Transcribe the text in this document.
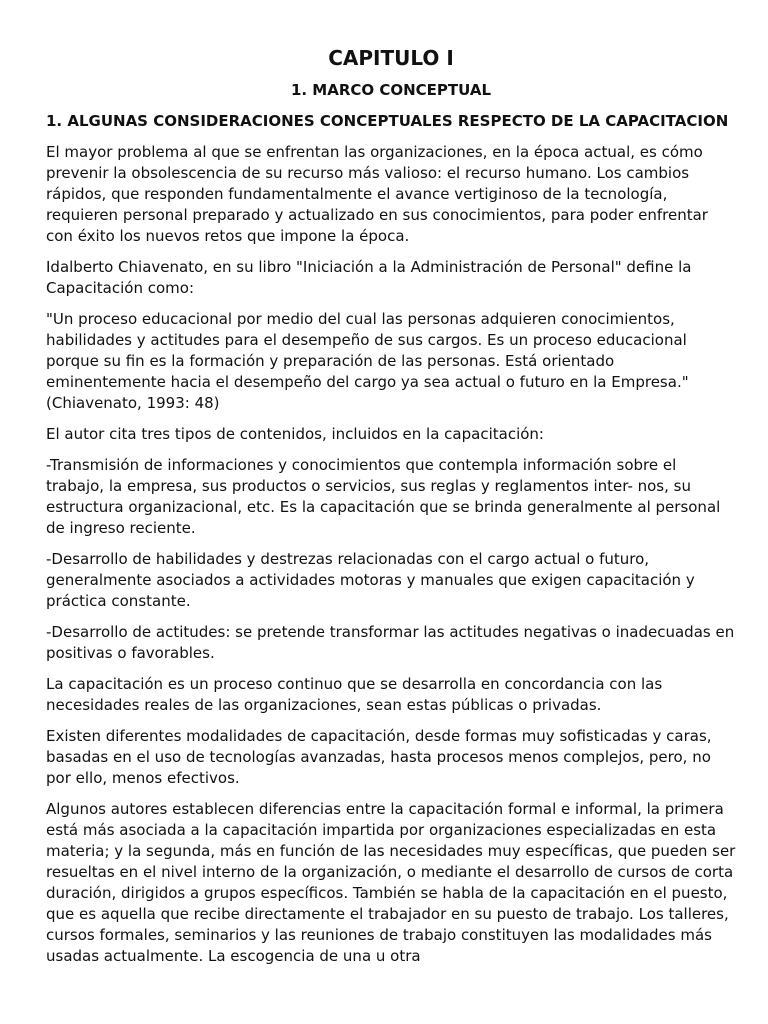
CAPITULO I
1. MARCO CONCEPTUAL
1. ALGUNAS CONSIDERACIONES CONCEPTUALES RESPECTO DE LA CAPACITACION

El mayor problema al que se enfrentan las organizaciones, en la época actual, es cómo prevenir la obsolescencia de su recurso más valioso: el recurso humano. Los cambios rápidos, que responden fundamentalmente el avance vertiginoso de la tecnología, requieren personal preparado y actualizado en sus conocimientos, para poder enfrentar con éxito los nuevos retos que impone la época.

Idalberto Chiavenato, en su libro "Iniciación a la Administración de Personal" define la Capacitación como:

"Un proceso educacional por medio del cual las personas adquieren conocimientos, habilidades y actitudes para el desempeño de sus cargos. Es un proceso educacional porque su fin es la formación y preparación de las personas. Está orientado eminentemente hacia el desempeño del cargo ya sea actual o futuro en la Empresa." (Chiavenato, 1993: 48)

El autor cita tres tipos de contenidos, incluidos en la capacitación:

-Transmisión de informaciones y conocimientos que contempla información sobre el trabajo, la empresa, sus productos o servicios, sus reglas y reglamentos inter- nos, su estructura organizacional, etc. Es la capacitación que se brinda generalmente al personal de ingreso reciente.

-Desarrollo de habilidades y destrezas relacionadas con el cargo actual o futuro, generalmente asociados a actividades motoras y manuales que exigen capacitación y práctica constante.

-Desarrollo de actitudes: se pretende transformar las actitudes negativas o inadecuadas en positivas o favorables.

La capacitación es un proceso continuo que se desarrolla en concordancia con las necesidades reales de las organizaciones, sean estas públicas o privadas.

Existen diferentes modalidades de capacitación, desde formas muy sofisticadas y caras, basadas en el uso de tecnologías avanzadas, hasta procesos menos complejos, pero, no por ello, menos efectivos.

Algunos autores establecen diferencias entre la capacitación formal e informal, la primera está más asociada a la capacitación impartida por organizaciones especializadas en esta materia; y la segunda, más en función de las necesidades muy específicas, que pueden ser resueltas en el nivel interno de la organización, o mediante el desarrollo de cursos de corta duración, dirigidos a grupos específicos. También se habla de la capacitación en el puesto, que es aquella que recibe directamente el trabajador en su puesto de trabajo. Los talleres, cursos formales, seminarios y las reuniones de trabajo constituyen las modalidades más usadas actualmente. La escogencia de una u otra
